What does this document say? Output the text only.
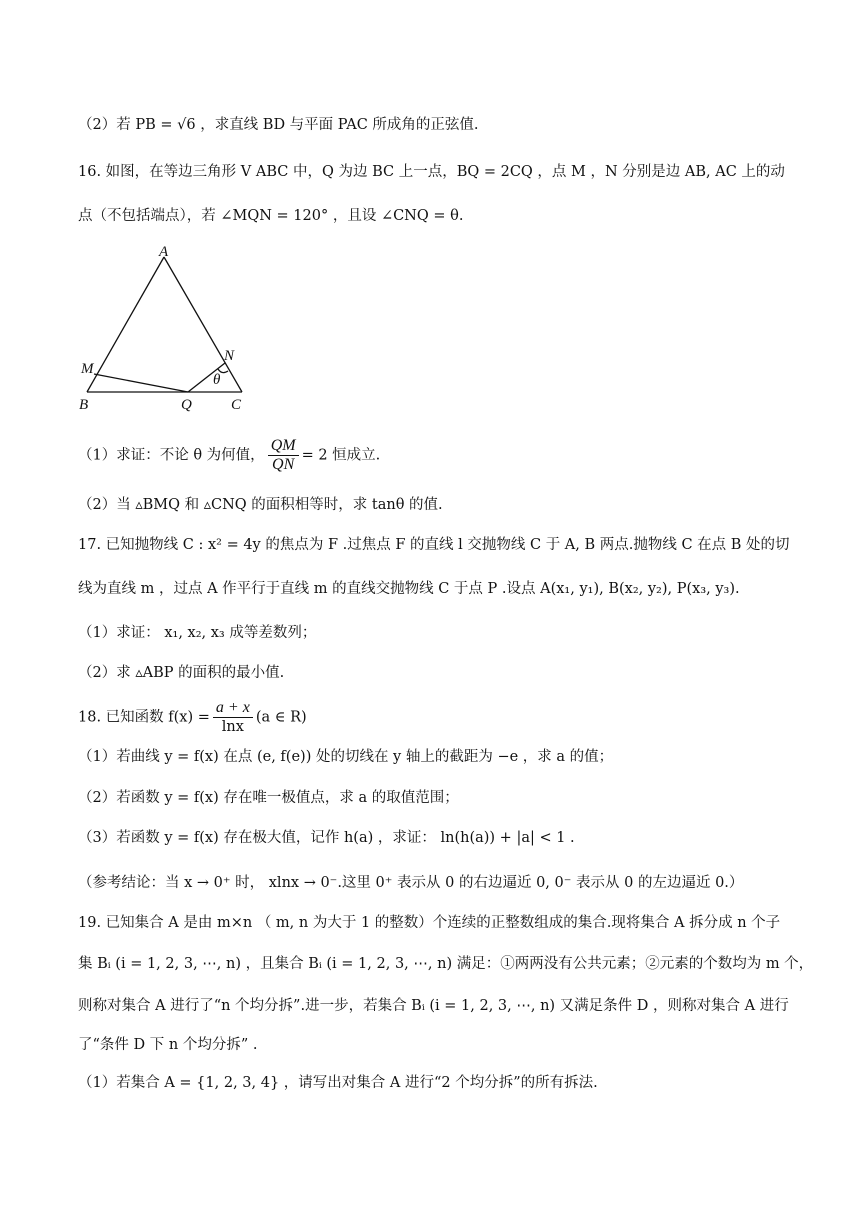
（2）若 PB = √6 ，求直线 BD 与平面 PAC 所成角的正弦值.
16. 如图，在等边三角形 V ABC 中，Q 为边 BC 上一点，BQ = 2CQ ，点 M ，N 分别是边 AB, AC 上的动
点（不包括端点），若 ∠MQN = 120° ，且设 ∠CNQ = θ.
A
B	C
Q
M
N
θ
（1）求证：不论 θ 为何值， $\frac{QM}{QN} = 2$ 恒成立.
（2）当 ▵BMQ 和 ▵CNQ 的面积相等时，求 tanθ 的值.
17. 已知抛物线 C : x² = 4y 的焦点为 F .过焦点 F 的直线 l 交抛物线 C 于 A, B 两点.抛物线 C 在点 B 处的切
线为直线 m ，过点 A 作平行于直线 m 的直线交抛物线 C 于点 P .设点 A(x₁, y₁), B(x₂, y₂), P(x₃, y₃).
（1）求证： x₁, x₂, x₃ 成等差数列；
（2）求 ▵ABP 的面积的最小值.
18. 已知函数 $f(x) = \frac{a + x}{\ln x} (a$ ∈ R)
（1）若曲线 y = f(x) 在点 (e, f(e)) 处的切线在 y 轴上的截距为 −e ，求 a 的值；
（2）若函数 y = f(x) 存在唯一极值点，求 a 的取值范围；
（3）若函数 y = f(x) 存在极大值，记作 h(a) ，求证： ln(h(a)) + |a| < 1 .
（参考结论：当 x → 0⁺ 时， xlnx → 0⁻.这里 0⁺ 表示从 0 的右边逼近 0, 0⁻ 表示从 0 的左边逼近 0.）
19. 已知集合 A 是由 m×n （ m, n 为大于 1 的整数）个连续的正整数组成的集合.现将集合 A 拆分成 n 个子
集 Bᵢ (i = 1, 2, 3, ⋯, n) ，且集合 Bᵢ (i = 1, 2, 3, ⋯, n) 满足：①两两没有公共元素；②元素的个数均为 m 个，
则称对集合 A 进行了“n 个均分拆”.进一步，若集合 Bᵢ (i = 1, 2, 3, ⋯, n) 又满足条件 D ，则称对集合 A 进行
了“条件 D 下 n 个均分拆” .
（1）若集合 A = {1, 2, 3, 4} ，请写出对集合 A 进行“2 个均分拆”的所有拆法.
